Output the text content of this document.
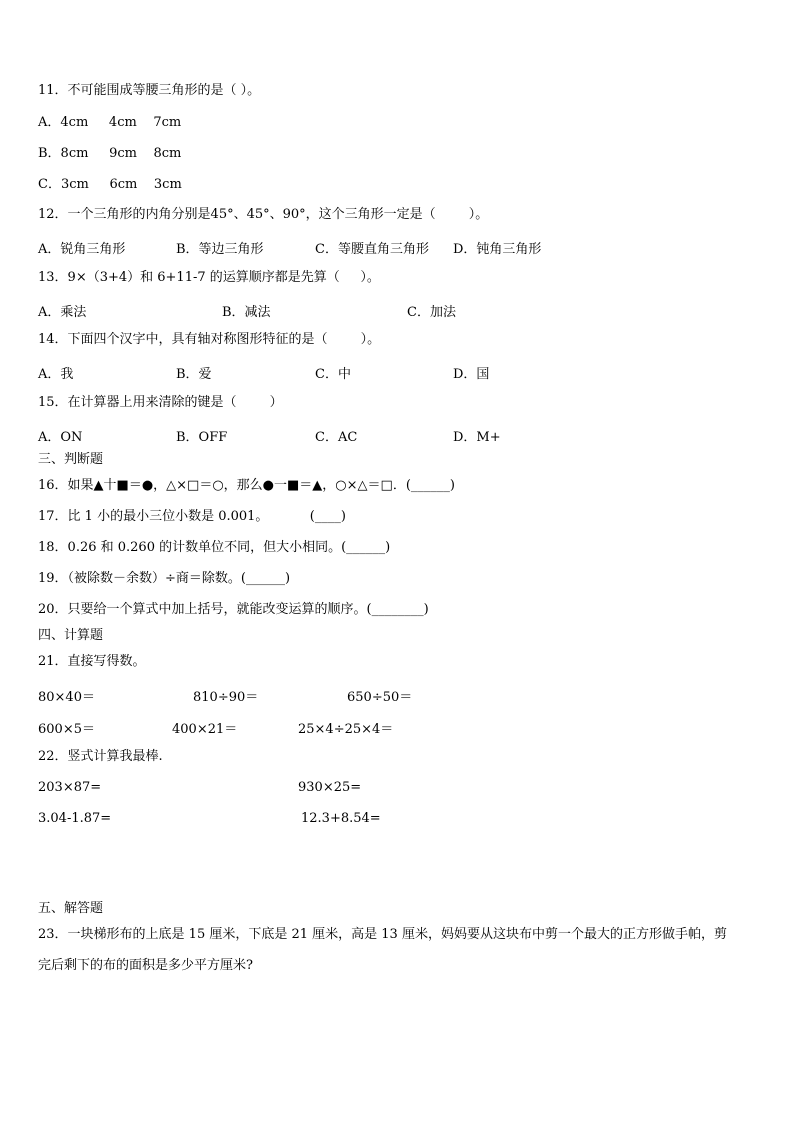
11．不可能围成等腰三角形的是（ ）。
A．4cm     4cm    7cm
B．8cm     9cm    8cm
C．3cm     6cm    3cm
12．一个三角形的内角分别是45°、45°、90°，这个三角形一定是（        ）。
A．锐角三角形	B．等边三角形	C．等腰直角三角形 D．钝角三角形
13．9×（3+4）和 6+11-7 的运算顺序都是先算（     ）。
A．乘法	B．减法	C．加法
14．下面四个汉字中，具有轴对称图形特征的是（        ）。
A．我	B．爱	C．中	D．国
15．在计算器上用来清除的键是（        ）
A．ON	B．OFF	C．AC	D．M+
三、判断题
16．如果▲十■＝●，△×□＝○，那么●一■＝▲，○×△＝□．(______)
17．比 1 小的最小三位小数是 0.001。          (____)
18．0.26 和 0.260 的计数单位不同，但大小相同。(______)
19．（被除数－余数）÷商＝除数。(______)
20．只要给一个算式中加上括号，就能改变运算的顺序。(________)
四、计算题
21．直接写得数。
80×40＝	810÷90＝	650÷50＝
600×5＝	400×21＝	25×4÷25×4＝
22．竖式计算我最棒.
203×87=	930×25=
3.04-1.87=	12.3+8.54=
五、解答题
23．一块梯形布的上底是 15 厘米，下底是 21 厘米，高是 13 厘米，妈妈要从这块布中剪一个最大的正方形做手帕，剪
完后剩下的布的面积是多少平方厘米?
